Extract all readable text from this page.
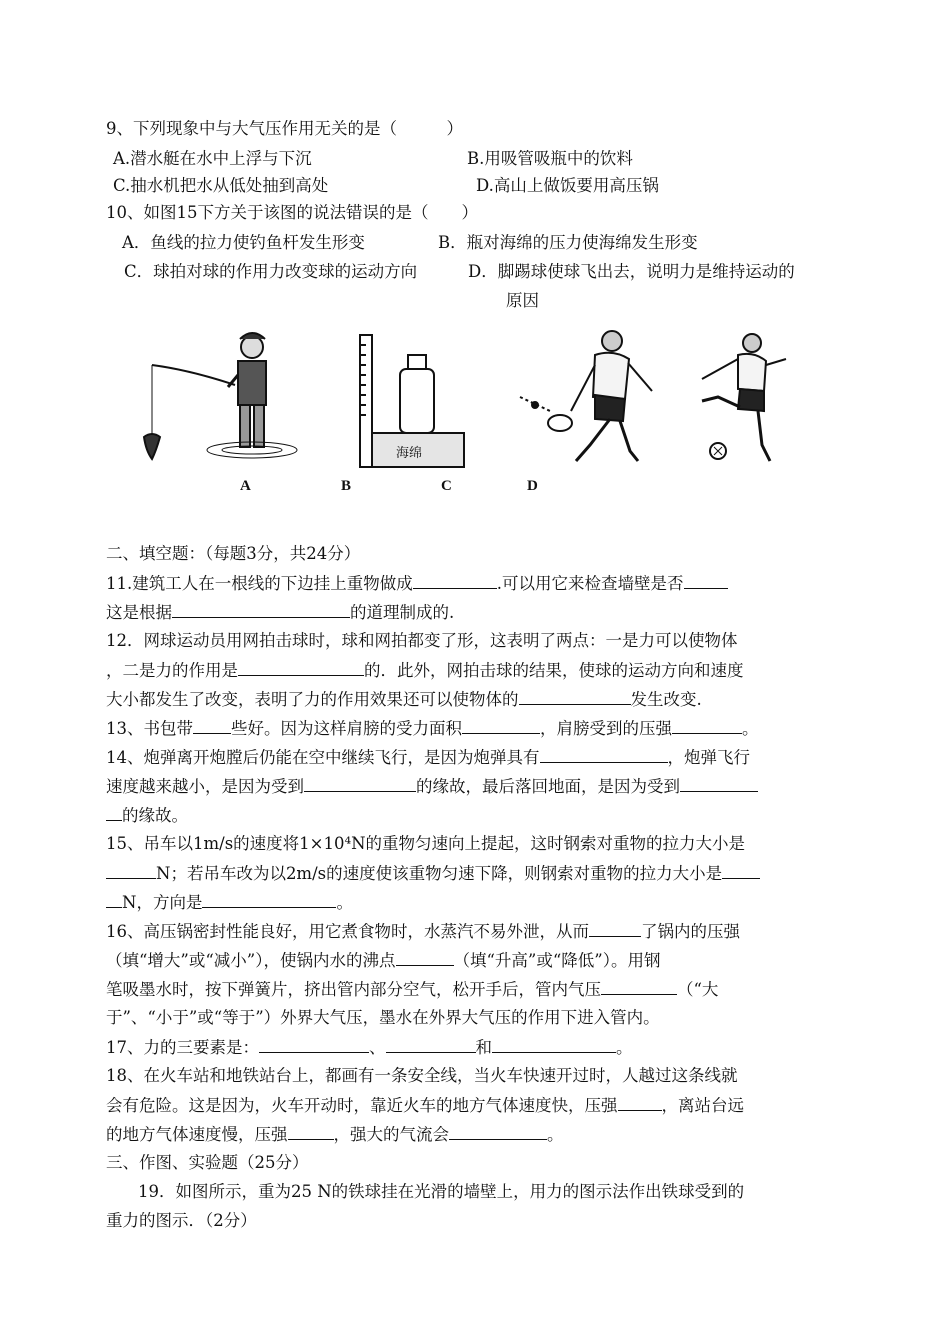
9、下列现象中与大气压作用无关的是（　　　）
A.潜水艇在水中上浮与下沉	B.用吸管吸瓶中的饮料
C.抽水机把水从低处抽到高处	D.高山上做饭要用高压锅
10、如图15下方关于该图的说法错误的是（　　）
A．鱼线的拉力使钓鱼杆发生形变	B．瓶对海绵的压力使海绵发生形变
C．球拍对球的作用力改变球的运动方向	D．脚踢球使球飞出去，说明力是维持运动的
原因
海绵
A	B	C	D
二、填空题：（每题3分，共24分）
11.建筑工人在一根线的下边挂上重物做成	.可以用它来检查墙壁是否
这是根据	的道理制成的.
12．网球运动员用网拍击球时，球和网拍都变了形，这表明了两点：一是力可以使物体
，二是力的作用是	的．此外，网拍击球的结果，使球的运动方向和速度
大小都发生了改变，表明了力的作用效果还可以使物体的	发生改变.
13、书包带 些好。因为这样肩膀的受力面积	，肩膀受到的压强	。
14、炮弹离开炮膛后仍能在空中继续飞行，是因为炮弹具有	，炮弹飞行
速度越来越小，是因为受到	的缘故，最后落回地面，是因为受到
的缘故。
15、吊车以1m/s的速度将1×10⁴N的重物匀速向上提起，这时钢索对重物的拉力大小是
N；若吊车改为以2m/s的速度使该重物匀速下降，则钢索对重物的拉力大小是
N，方向是	。
16、高压锅密封性能良好，用它煮食物时，水蒸汽不易外泄，从而	了锅内的压强
（填“增大”或“减小”），使锅内水的沸点	（填“升高”或“降低”）。用钢
笔吸墨水时，按下弹簧片，挤出管内部分空气，松开手后，管内气压	（“大
于”、“小于”或“等于”）外界大气压，墨水在外界大气压的作用下进入管内。
17、力的三要素是：	、	和	。
18、在火车站和地铁站台上，都画有一条安全线，当火车快速开过时，人越过这条线就
会有危险。这是因为，火车开动时，靠近火车的地方气体速度快，压强	，离站台远
的地方气体速度慢，压强	，强大的气流会	。
三、作图、实验题（25分）
19．如图所示，重为25 N的铁球挂在光滑的墙壁上，用力的图示法作出铁球受到的
重力的图示．（2分）
